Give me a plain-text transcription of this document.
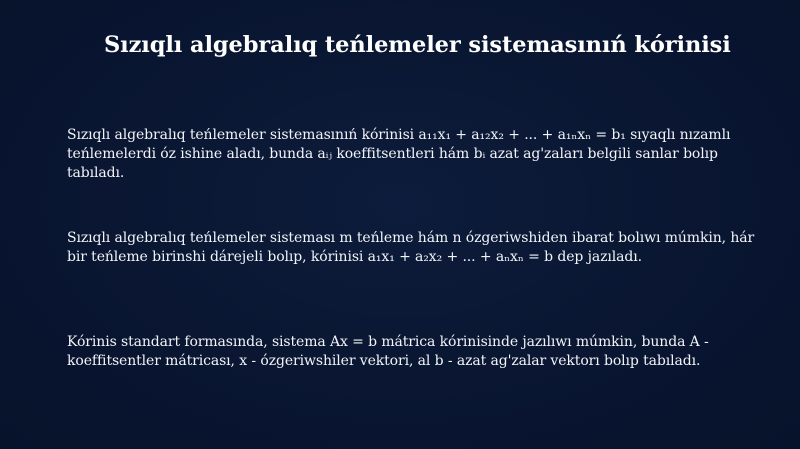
Sızıqlı algebralıq teńlemeler sistemasınıń kórinisi

Sızıqlı algebralıq teńlemeler sistemasınıń kórinisi a₁₁x₁ + a₁₂x₂ + ... + a₁ₙxₙ = b₁ sıyaqlı nızamlı teńlemelerdi óz ishine aladı, bunda aᵢⱼ koeffitsentleri hám bᵢ azat ag'zaları belgili sanlar bolıp tabıladı.

Sızıqlı algebralıq teńlemeler sisteması m teńleme hám n ózgeriwshiden ibarat bolıwı múmkin, hár bir teńleme birinshi dárejeli bolıp, kórinisi a₁x₁ + a₂x₂ + ... + aₙxₙ = b dep jazıladı.

Kórinis standart formasında, sistema Ax = b mátrica kórinisinde jazılıwı múmkin, bunda A - koeffitsentler mátricası, x - ózgeriwshiler vektori, al b - azat ag'zalar vektorı bolıp tabıladı.
